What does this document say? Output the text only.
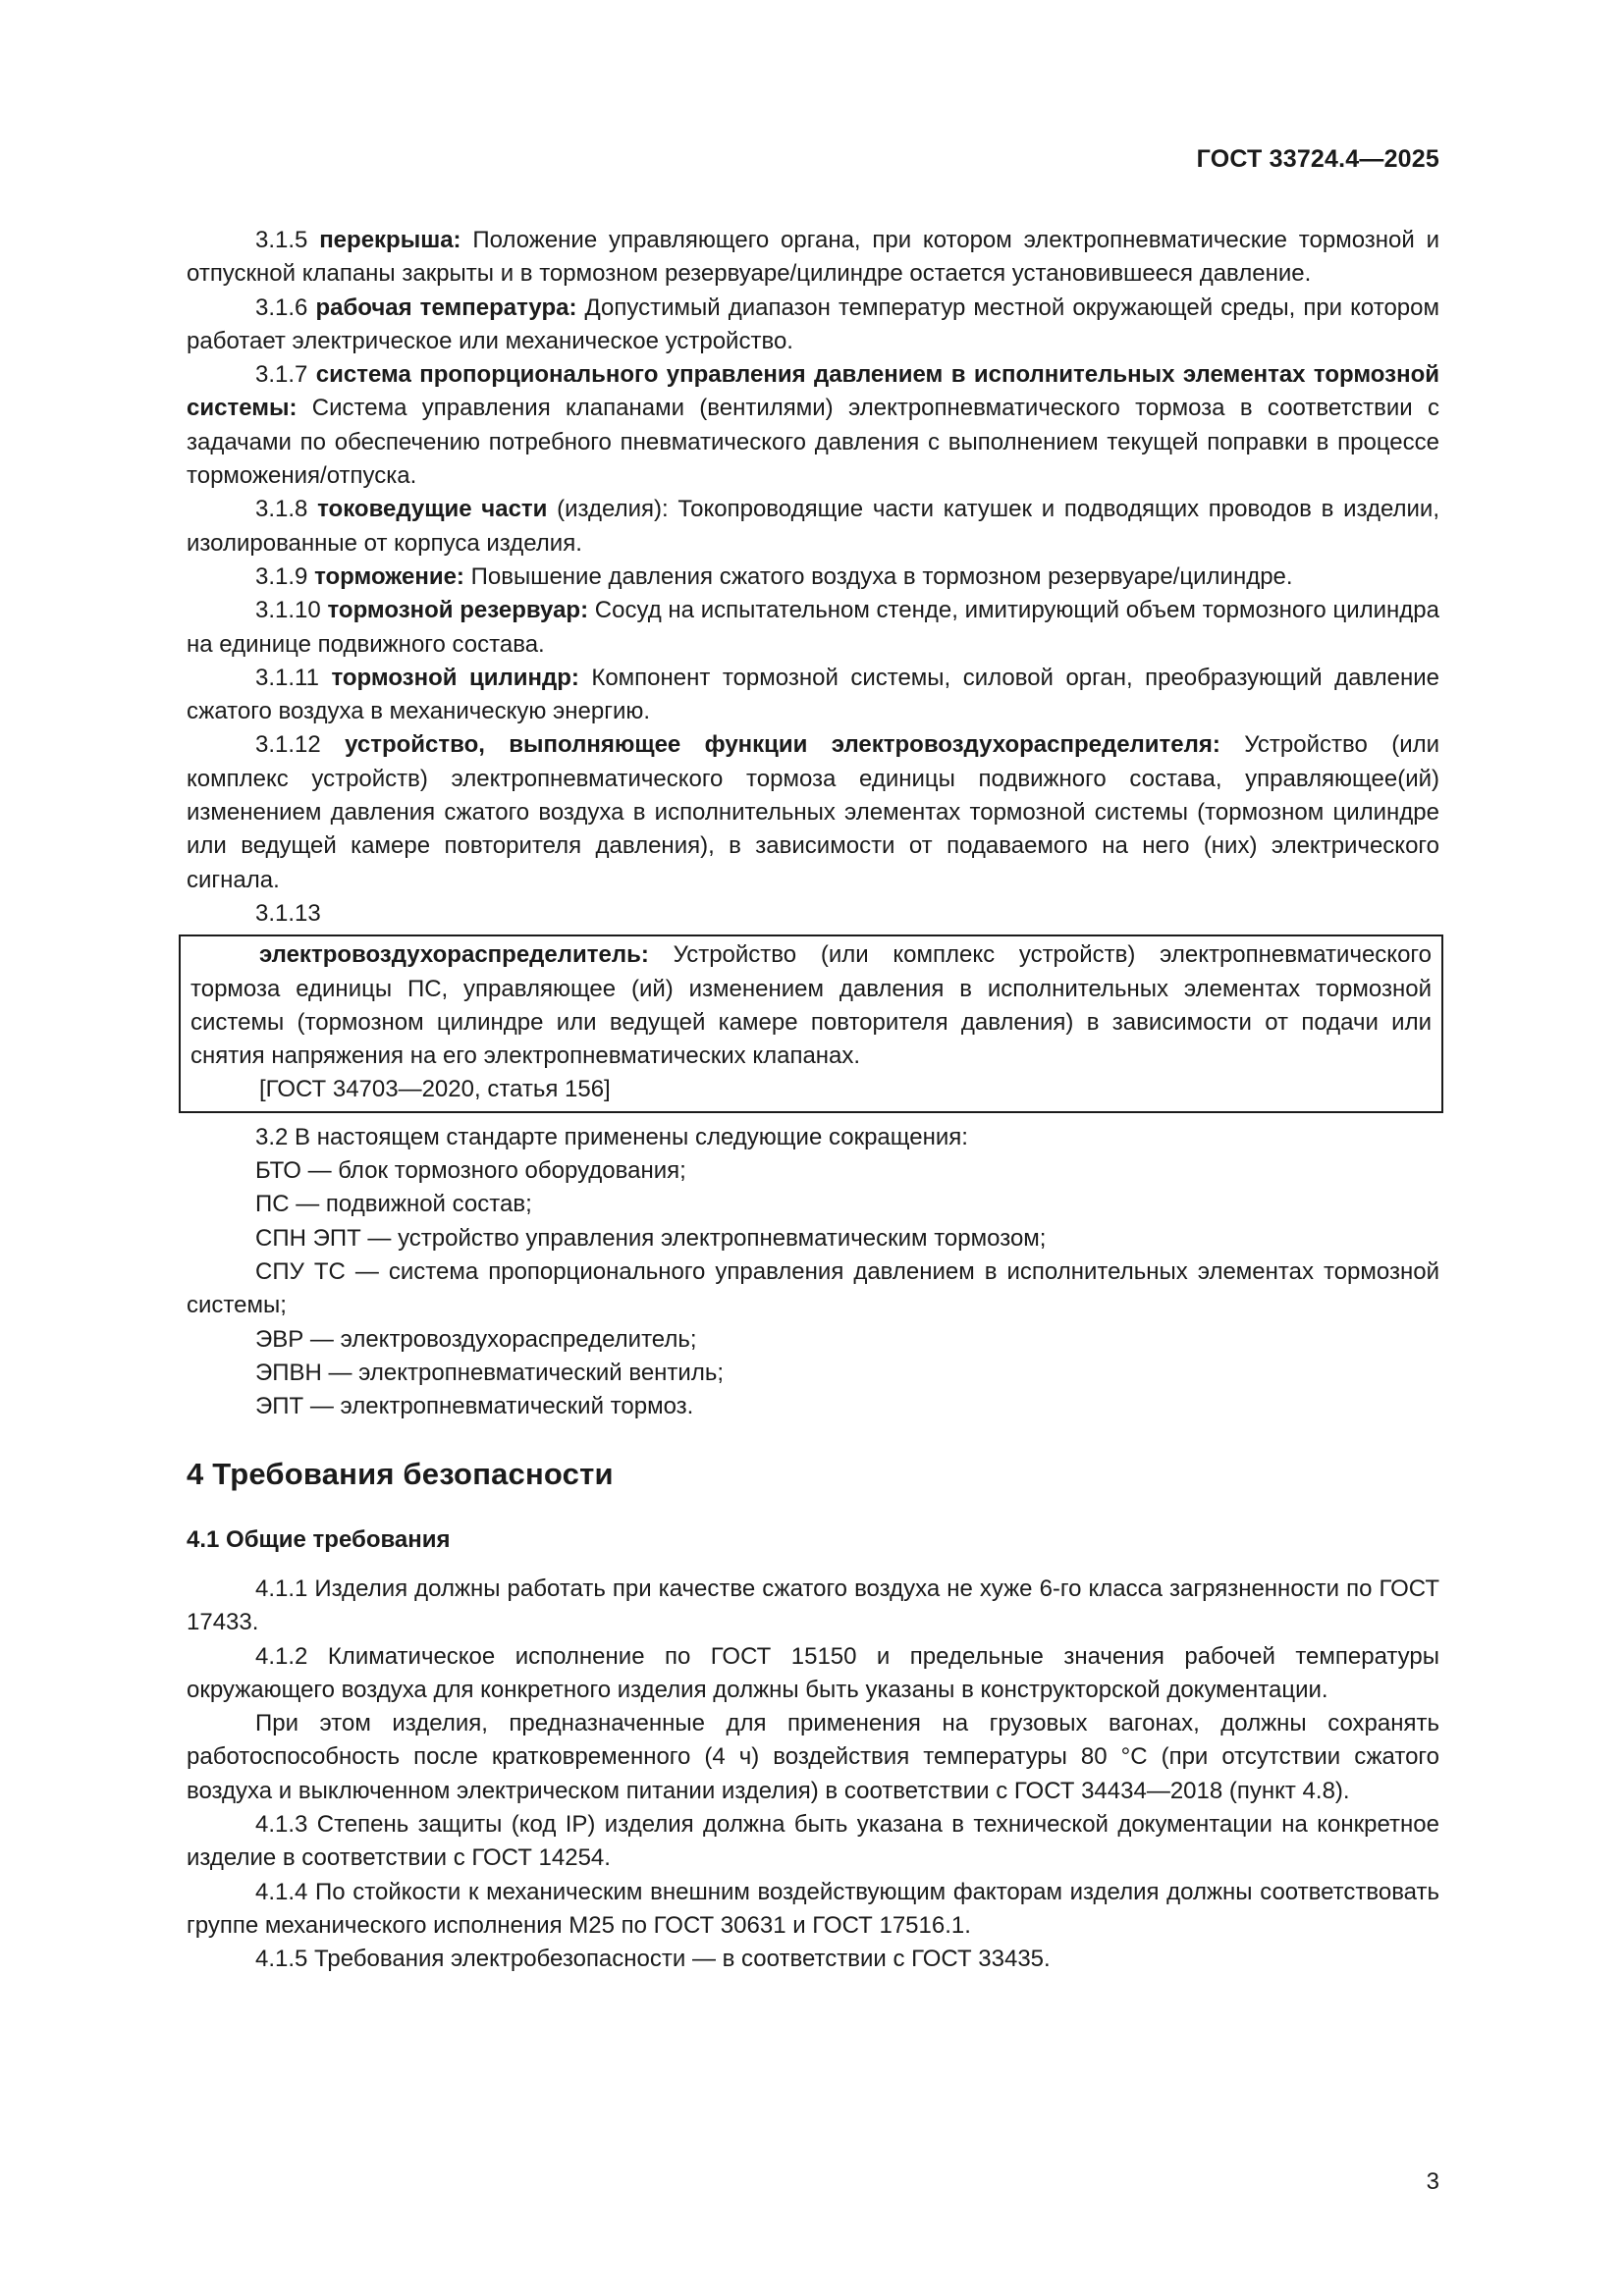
ГОСТ 33724.4—2025

3.1.5 перекрыша: Положение управляющего органа, при котором электропневматические тормозной и отпускной клапаны закрыты и в тормозном резервуаре/цилиндре остается установившееся давление.

3.1.6 рабочая температура: Допустимый диапазон температур местной окружающей среды, при котором работает электрическое или механическое устройство.

3.1.7 система пропорционального управления давлением в исполнительных элементах тормозной системы: Система управления клапанами (вентилями) электропневматического тормоза в соответствии с задачами по обеспечению потребного пневматического давления с выполнением текущей поправки в процессе торможения/отпуска.

3.1.8 токоведущие части (изделия): Токопроводящие части катушек и подводящих проводов в изделии, изолированные от корпуса изделия.

3.1.9 торможение: Повышение давления сжатого воздуха в тормозном резервуаре/цилиндре.

3.1.10 тормозной резервуар: Сосуд на испытательном стенде, имитирующий объем тормозного цилиндра на единице подвижного состава.

3.1.11 тормозной цилиндр: Компонент тормозной системы, силовой орган, преобразующий давление сжатого воздуха в механическую энергию.

3.1.12 устройство, выполняющее функции электровоздухораспределителя: Устройство (или комплекс устройств) электропневматического тормоза единицы подвижного состава, управляющее(ий) изменением давления сжатого воздуха в исполнительных элементах тормозной системы (тормозном цилиндре или ведущей камере повторителя давления), в зависимости от подаваемого на него (них) электрического сигнала.

3.1.13

электровоздухораспределитель: Устройство (или комплекс устройств) электропневматического тормоза единицы ПС, управляющее (ий) изменением давления в исполнительных элементах тормозной системы (тормозном цилиндре или ведущей камере повторителя давления) в зависимости от подачи или снятия напряжения на его электропневматических клапанах.

[ГОСТ 34703—2020, статья 156]

3.2 В настоящем стандарте применены следующие сокращения:

БТО — блок тормозного оборудования;

ПС — подвижной состав;

СПН ЭПТ — устройство управления электропневматическим тормозом;

СПУ ТС — система пропорционального управления давлением в исполнительных элементах тормозной системы;

ЭВР — электровоздухораспределитель;

ЭПВН — электропневматический вентиль;

ЭПТ — электропневматический тормоз.

4 Требования безопасности
4.1 Общие требования

4.1.1 Изделия должны работать при качестве сжатого воздуха не хуже 6-го класса загрязненности по ГОСТ 17433.

4.1.2 Климатическое исполнение по ГОСТ 15150 и предельные значения рабочей температуры окружающего воздуха для конкретного изделия должны быть указаны в конструкторской документации.

При этом изделия, предназначенные для применения на грузовых вагонах, должны сохранять работоспособность после кратковременного (4 ч) воздействия температуры 80 °С (при отсутствии сжатого воздуха и выключенном электрическом питании изделия) в соответствии с ГОСТ 34434—2018 (пункт 4.8).

4.1.3 Степень защиты (код IP) изделия должна быть указана в технической документации на конкретное изделие в соответствии с ГОСТ 14254.

4.1.4 По стойкости к механическим внешним воздействующим факторам изделия должны соответствовать группе механического исполнения М25 по ГОСТ 30631 и ГОСТ 17516.1.

4.1.5 Требования электробезопасности — в соответствии с ГОСТ 33435.

3
